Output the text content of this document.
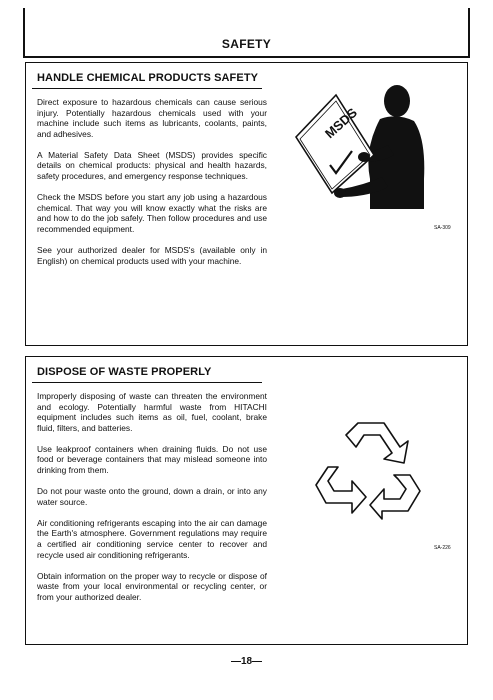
SAFETY
HANDLE CHEMICAL PRODUCTS SAFETY

Direct exposure to hazardous chemicals can cause serious injury. Potentially hazardous chemicals used with your machine include such items as lubricants, coolants, paints, and adhesives.

A Material Safety Data Sheet (MSDS) provides specific details on chemical products: physical and health hazards, safety procedures, and emergency response techniques.

Check the MSDS before you start any job using a hazardous chemical. That way you will know exactly what the risks are and how to do the job safely. Then follow procedures and use recommended equipment.

See your authorized dealer for MSDS's (available only in English) on chemical products used with your machine.

MSDS
SA-309
DISPOSE OF WASTE PROPERLY

Improperly disposing of waste can threaten the environment and ecology. Potentially harmful waste from HITACHI equipment includes such items as oil, fuel, coolant, brake fluid, filters, and batteries.

Use leakproof containers when draining fluids. Do not use food or beverage containers that may mislead someone into drinking from them.

Do not pour waste onto the ground, down a drain, or into any water source.

Air conditioning refrigerants escaping into the air can damage the Earth's atmosphere. Government regulations may require a certified air conditioning service center to recover and recycle used air conditioning refrigerants.

Obtain information on the proper way to recycle or dispose of waste from your local environmental or recycling center, or from your authorized dealer.

SA-226
—18—
